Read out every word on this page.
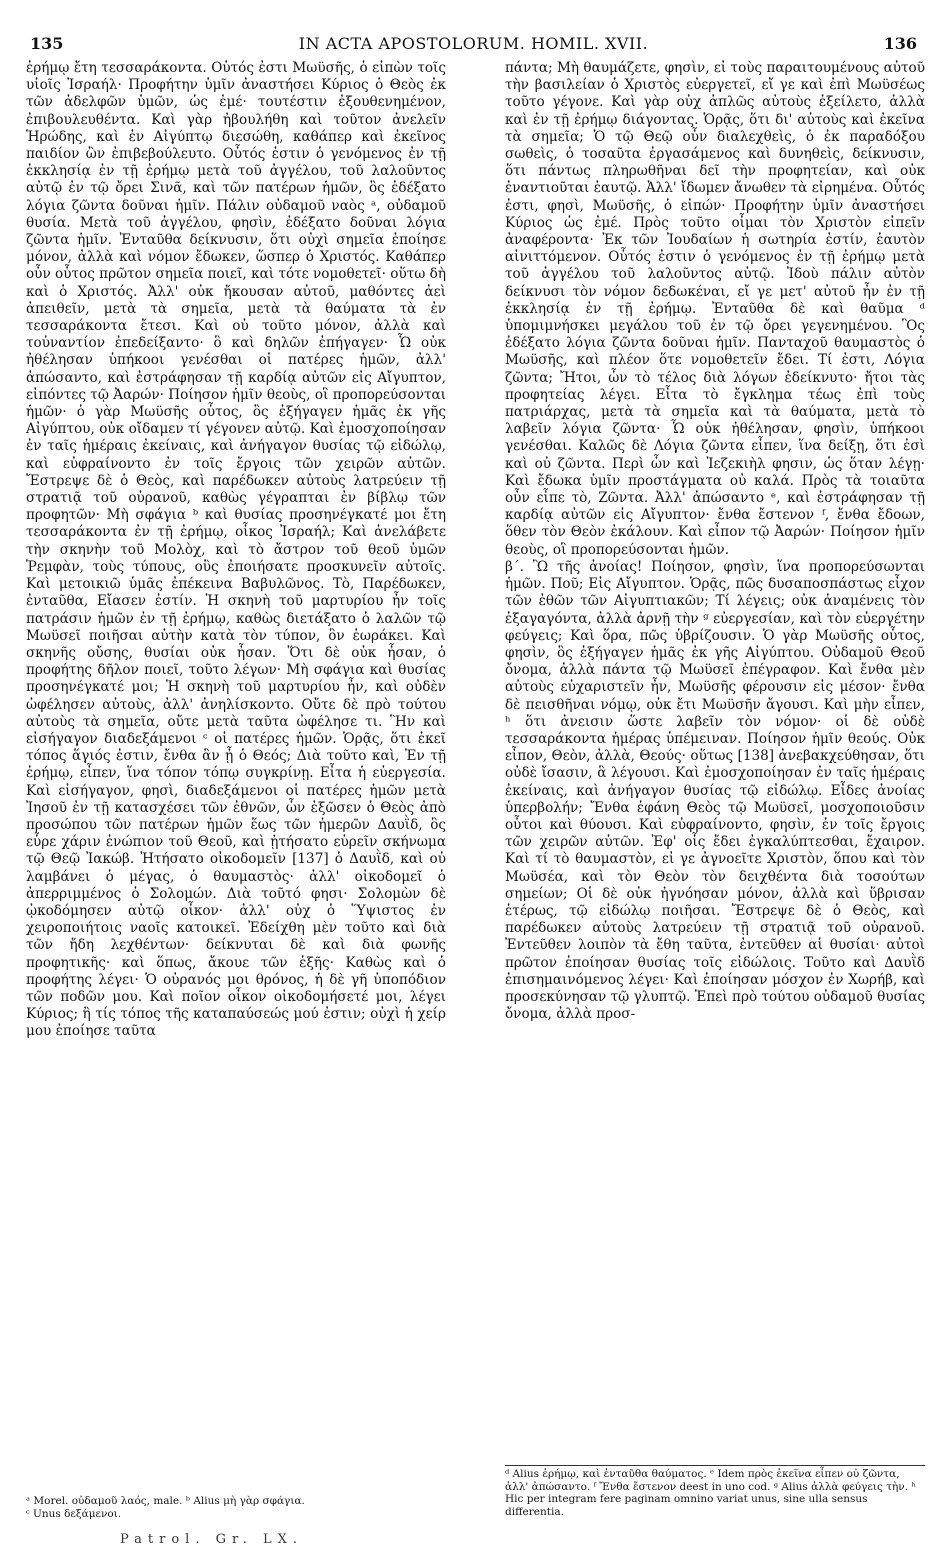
135	IN ACTA APOSTOLORUM. HOMIL. XVII.	136

ἐρήμῳ ἔτη τεσσαράκοντα. Οὗτός ἐστι Μωϋσῆς, ὁ εἰπὼν τοῖς υἱοῖς Ἰσραήλ· Προφήτην ὑμῖν ἀναστήσει Κύριος ὁ Θεὸς ἐκ τῶν ἀδελφῶν ὑμῶν, ὡς ἐμέ· τουτέστιν ἐξουθενημένον, ἐπιβουλευθέντα. Καὶ γὰρ ἠβουλήθη καὶ τοῦτον ἀνελεῖν Ἡρώδης, καὶ ἐν Αἰγύπτῳ διεσώθη, καθάπερ καὶ ἐκεῖνος παιδίον ὢν ἐπιβεβούλευτο. Οὗτός ἐστιν ὁ γενόμενος ἐν τῇ ἐκκλησίᾳ ἐν τῇ ἐρήμῳ μετὰ τοῦ ἀγγέλου, τοῦ λαλοῦντος αὐτῷ ἐν τῷ ὄρει Σινᾶ, καὶ τῶν πατέρων ἡμῶν, ὃς ἐδέξατο λόγια ζῶντα δοῦναι ἡμῖν. Πάλιν οὐδαμοῦ ναὸς ᵃ, οὐδαμοῦ θυσία. Μετὰ τοῦ ἀγγέλου, φησὶν, ἐδέξατο δοῦναι λόγια ζῶντα ἡμῖν. Ἐνταῦθα δείκνυσιν, ὅτι οὐχὶ σημεῖα ἐποίησε μόνον, ἀλλὰ καὶ νόμον ἔδωκεν, ὥσπερ ὁ Χριστός. Καθάπερ οὖν οὗτος πρῶτον σημεῖα ποιεῖ, καὶ τότε νομοθετεῖ· οὕτω δὴ καὶ ὁ Χριστός. Ἀλλ' οὐκ ἤκουσαν αὐτοῦ, μαθόντες ἀεὶ ἀπειθεῖν, μετὰ τὰ σημεῖα, μετὰ τὰ θαύματα τὰ ἐν τεσσαράκοντα ἔτεσι. Καὶ οὐ τοῦτο μόνον, ἀλλὰ καὶ τοὐναντίον ἐπεδείξαντο· ὃ καὶ δηλῶν ἐπήγαγεν· Ὧ οὐκ ἠθέλησαν ὑπήκοοι γενέσθαι οἱ πατέρες ἡμῶν, ἀλλ' ἀπώσαντο, καὶ ἐστράφησαν τῇ καρδίᾳ αὐτῶν εἰς Αἴγυπτον, εἰπόντες τῷ Ἀαρών· Ποίησον ἡμῖν θεοὺς, οἳ προπορεύσονται ἡμῶν· ὁ γὰρ Μωϋσῆς οὗτος, ὃς ἐξήγαγεν ἡμᾶς ἐκ γῆς Αἰγύπτου, οὐκ οἴδαμεν τί γέγονεν αὐτῷ. Καὶ ἐμοσχοποίησαν ἐν ταῖς ἡμέραις ἐκείναις, καὶ ἀνήγαγον θυσίας τῷ εἰδώλῳ, καὶ εὐφραίνοντο ἐν τοῖς ἔργοις τῶν χειρῶν αὐτῶν. Ἔστρεψε δὲ ὁ Θεὸς, καὶ παρέδωκεν αὐτοὺς λατρεύειν τῇ στρατιᾷ τοῦ οὐρανοῦ, καθὼς γέγραπται ἐν βίβλῳ τῶν προφητῶν· Μὴ σφάγια ᵇ καὶ θυσίας προσηνέγκατέ μοι ἔτη τεσσαράκοντα ἐν τῇ ἐρήμῳ, οἶκος Ἰσραήλ; Καὶ ἀνελάβετε τὴν σκηνὴν τοῦ Μολὸχ, καὶ τὸ ἄστρον τοῦ θεοῦ ὑμῶν Ῥεμφὰν, τοὺς τύπους, οὓς ἐποιήσατε προσκυνεῖν αὐτοῖς. Καὶ μετοικιῶ ὑμᾶς ἐπέκεινα Βαβυλῶνος. Τὸ, Παρέδωκεν, ἐνταῦθα, Εἴασεν ἐστίν. Ἡ σκηνὴ τοῦ μαρτυρίου ἦν τοῖς πατράσιν ἡμῶν ἐν τῇ ἐρήμῳ, καθὼς διετάξατο ὁ λαλῶν τῷ Μωϋσεῖ ποιῆσαι αὐτὴν κατὰ τὸν τύπον, ὃν ἑωράκει. Καὶ σκηνῆς οὔσης, θυσίαι οὐκ ἦσαν. Ὅτι δὲ οὐκ ἦσαν, ὁ προφήτης δῆλον ποιεῖ, τοῦτο λέγων· Μὴ σφάγια καὶ θυσίας προσηνέγκατέ μοι; Ἡ σκηνὴ τοῦ μαρτυρίου ἦν, καὶ οὐδὲν ὠφέλησεν αὐτοὺς, ἀλλ' ἀνηλίσκοντο. Οὔτε δὲ πρὸ τούτου αὐτοὺς τὰ σημεῖα, οὔτε μετὰ ταῦτα ὠφέλησε τι. Ἣν καὶ εἰσήγαγον διαδεξάμενοι ᶜ οἱ πατέρες ἡμῶν. Ὁρᾷς, ὅτι ἐκεῖ τόπος ἅγιός ἐστιν, ἔνθα ἂν ᾖ ὁ Θεός; Διὰ τοῦτο καὶ, Ἐν τῇ ἐρήμῳ, εἶπεν, ἵνα τόπον τόπῳ συγκρίνῃ. Εἶτα ἡ εὐεργεσία. Καὶ εἰσήγαγον, φησὶ, διαδεξάμενοι οἱ πατέρες ἡμῶν μετὰ Ἰησοῦ ἐν τῇ κατασχέσει τῶν ἐθνῶν, ὧν ἐξῶσεν ὁ Θεὸς ἀπὸ προσώπου τῶν πατέρων ἡμῶν ἕως τῶν ἡμερῶν Δαυῒδ, ὃς εὗρε χάριν ἐνώπιον τοῦ Θεοῦ, καὶ ᾐτήσατο εὑρεῖν σκήνωμα τῷ Θεῷ Ἰακώβ. Ἠτήσατο οἰκοδομεῖν [137] ὁ Δαυῒδ, καὶ οὐ λαμβάνει ὁ μέγας, ὁ θαυμαστὸς· ἀλλ' οἰκοδομεῖ ὁ ἀπερριμμένος ὁ Σολομών. Διὰ τοῦτό φησι· Σολομὼν δὲ ᾠκοδόμησεν αὐτῷ οἶκον· ἀλλ' οὐχ ὁ Ὕψιστος ἐν χειροποιήτοις ναοῖς κατοικεῖ. Ἐδείχθη μὲν τοῦτο καὶ διὰ τῶν ἤδη λεχθέντων· δείκνυται δὲ καὶ διὰ φωνῆς προφητικῆς· καὶ ὅπως, ἄκουε τῶν ἑξῆς· Καθὼς καὶ ὁ προφήτης λέγει· Ὁ οὐρανός μοι θρόνος, ἡ δὲ γῆ ὑποπόδιον τῶν ποδῶν μου. Καὶ ποῖον οἶκον οἰκοδομήσετέ μοι, λέγει Κύριος; ἢ τίς τόπος τῆς καταπαύσεώς μού ἐστιν; οὐχὶ ἡ χείρ μου ἐποίησε ταῦτα

πάντα; Μὴ θαυμάζετε, φησὶν, εἰ τοὺς παραιτουμένους αὐτοῦ τὴν βασιλείαν ὁ Χριστὸς εὐεργετεῖ, εἴ γε καὶ ἐπὶ Μωϋσέως τοῦτο γέγονε. Καὶ γὰρ οὐχ ἁπλῶς αὐτοὺς ἐξείλετο, ἀλλὰ καὶ ἐν τῇ ἐρήμῳ διάγοντας. Ὁρᾷς, ὅτι δι' αὐτοὺς καὶ ἐκεῖνα τὰ σημεῖα; Ὁ τῷ Θεῷ οὖν διαλεχθεὶς, ὁ ἐκ παραδόξου σωθεὶς, ὁ τοσαῦτα ἐργασάμενος καὶ δυνηθεὶς, δείκνυσιν, ὅτι πάντως πληρωθῆναι δεῖ τὴν προφητείαν, καὶ οὐκ ἐναντιοῦται ἑαυτῷ. Ἀλλ' ἴδωμεν ἄνωθεν τὰ εἰρημένα. Οὗτός ἐστι, φησὶ, Μωϋσῆς, ὁ εἰπών· Προφήτην ὑμῖν ἀναστήσει Κύριος ὡς ἐμέ. Πρὸς τοῦτο οἶμαι τὸν Χριστὸν εἰπεῖν ἀναφέροντα· Ἐκ τῶν Ἰουδαίων ἡ σωτηρία ἐστίν, ἑαυτὸν αἰνιττόμενον. Οὗτός ἐστιν ὁ γενόμενος ἐν τῇ ἐρήμῳ μετὰ τοῦ ἀγγέλου τοῦ λαλοῦντος αὐτῷ. Ἰδοὺ πάλιν αὐτὸν δείκνυσι τὸν νόμον δεδωκέναι, εἴ γε μετ' αὐτοῦ ἦν ἐν τῇ ἐκκλησίᾳ ἐν τῇ ἐρήμῳ. Ἐνταῦθα δὲ καὶ θαῦμα ᵈ ὑπομιμνήσκει μεγάλου τοῦ ἐν τῷ ὄρει γεγενημένου. Ὃς ἐδέξατο λόγια ζῶντα δοῦναι ἡμῖν. Πανταχοῦ θαυμαστὸς ὁ Μωϋσῆς, καὶ πλέον ὅτε νομοθετεῖν ἔδει. Τί ἐστι, Λόγια ζῶντα; Ἤτοι, ὧν τὸ τέλος διὰ λόγων ἐδείκνυτο· ἤτοι τὰς προφητείας λέγει. Εἶτα τὸ ἔγκλημα τέως ἐπὶ τοὺς πατριάρχας, μετὰ τὰ σημεῖα καὶ τὰ θαύματα, μετὰ τὸ λαβεῖν λόγια ζῶντα· Ὧ οὐκ ἠθέλησαν, φησὶν, ὑπήκοοι γενέσθαι. Καλῶς δὲ Λόγια ζῶντα εἶπεν, ἵνα δείξῃ, ὅτι ἐσὶ καὶ οὐ ζῶντα. Περὶ ὧν καὶ Ἰεζεκιὴλ φησιν, ὡς ὅταν λέγῃ· Καὶ ἔδωκα ὑμῖν προστάγματα οὐ καλά. Πρὸς τὰ τοιαῦτα οὖν εἶπε τὸ, Ζῶντα. Ἀλλ' ἀπώσαντο ᵉ, καὶ ἐστράφησαν τῇ καρδίᾳ αὐτῶν εἰς Αἴγυπτον· ἔνθα ἔστενον ᶠ, ἔνθα ἔδοων, ὅθεν τὸν Θεὸν ἐκάλουν. Καὶ εἶπον τῷ Ἀαρών· Ποίησον ἡμῖν θεοὺς, οἳ προπορεύσονται ἡμῶν.
β΄. Ὢ τῆς ἀνοίας! Ποίησον, φησὶν, ἵνα προπορεύσωνται ἡμῶν. Ποῦ; Εἰς Αἴγυπτον. Ὁρᾷς, πῶς δυσαποσπάστως εἶχον τῶν ἐθῶν τῶν Αἰγυπτιακῶν; Τί λέγεις; οὐκ ἀναμένεις τὸν ἐξαγαγόντα, ἀλλὰ ἀρνῇ τὴν ᵍ εὐεργεσίαν, καὶ τὸν εὐεργέτην φεύγεις; Καὶ ὅρα, πῶς ὑβρίζουσιν. Ὁ γὰρ Μωϋσῆς οὗτος, φησὶν, ὃς ἐξήγαγεν ἡμᾶς ἐκ γῆς Αἰγύπτου. Οὐδαμοῦ Θεοῦ ὄνομα, ἀλλὰ πάντα τῷ Μωϋσεῖ ἐπέγραφον. Καὶ ἔνθα μὲν αὐτοὺς εὐχαριστεῖν ἦν, Μωϋσῆς φέρουσιν εἰς μέσον· ἔνθα δὲ πεισθῆναι νόμῳ, οὐκ ἔτι Μωϋσῆν ἄγουσι. Καὶ μὴν εἶπεν, ʰ ὅτι ἀνεισιν ὥστε λαβεῖν τὸν νόμον· οἱ δὲ οὐδὲ τεσσαράκοντα ἡμέρας ὑπέμειναν. Ποίησον ἡμῖν θεούς. Οὐκ εἶπον, Θεὸν, ἀλλὰ, Θεούς· οὕτως [138] ἀνεβακχεύθησαν, ὅτι οὐδὲ ἴσασιν, ἃ λέγουσι. Καὶ ἐμοσχοποίησαν ἐν ταῖς ἡμέραις ἐκείναις, καὶ ἀνήγαγον θυσίας τῷ εἰδώλῳ. Εἶδες ἀνοίας ὑπερβολήν; Ἔνθα ἐφάνη Θεὸς τῷ Μωϋσεῖ, μοσχοποιοῦσιν οὗτοι καὶ θύουσι. Καὶ εὐφραίνοντο, φησὶν, ἐν τοῖς ἔργοις τῶν χειρῶν αὐτῶν. Ἐφ' οἷς ἔδει ἐγκαλύπτεσθαι, ἔχαιρον. Καὶ τί τὸ θαυμαστὸν, εἰ γε ἀγνοεῖτε Χριστὸν, ὅπου καὶ τὸν Μωϋσέα, καὶ τὸν Θεὸν τὸν δειχθέντα διὰ τοσούτων σημείων; Οἱ δὲ οὐκ ἠγνόησαν μόνον, ἀλλὰ καὶ ὕβρισαν ἑτέρως, τῷ εἰδώλῳ ποιῆσαι. Ἔστρεψε δὲ ὁ Θεὸς, καὶ παρέδωκεν αὐτοὺς λατρεύειν τῇ στρατιᾷ τοῦ οὐρανοῦ. Ἐντεῦθεν λοιπὸν τὰ ἔθη ταῦτα, ἐντεῦθεν αἱ θυσίαι· αὐτοὶ πρῶτον ἐποίησαν θυσίας τοῖς εἰδώλοις. Τοῦτο καὶ Δαυῒδ ἐπισημαινόμενος λέγει· Καὶ ἐποίησαν μόσχον ἐν Χωρήβ, καὶ προσεκύνησαν τῷ γλυπτῷ. Ἐπεὶ πρὸ τούτου οὐδαμοῦ θυσίας ὄνομα, ἀλλὰ προσ-

ᵈ Alius ἐρήμῳ, καὶ ἐνταῦθα θαύματος. ᵉ Idem πρὸς ἐκεῖνα εἶπεν οὐ ζῶντα, ἀλλ' ἀπώσαντο. ᶠ Ἔνθα ἔστενον deest in uno cod. ᵍ Alius ἀλλὰ φεύγεις τὴν. ʰ Hic per integram fere paginam omnino variat unus, sine ulla sensus differentia.
ᵃ Morel. οὐδαμοῦ λαός, male. ᵇ Alius μὴ γὰρ σφάγια.
ᶜ Unus δεξάμενοι.
Patrol. Gr. LX.
